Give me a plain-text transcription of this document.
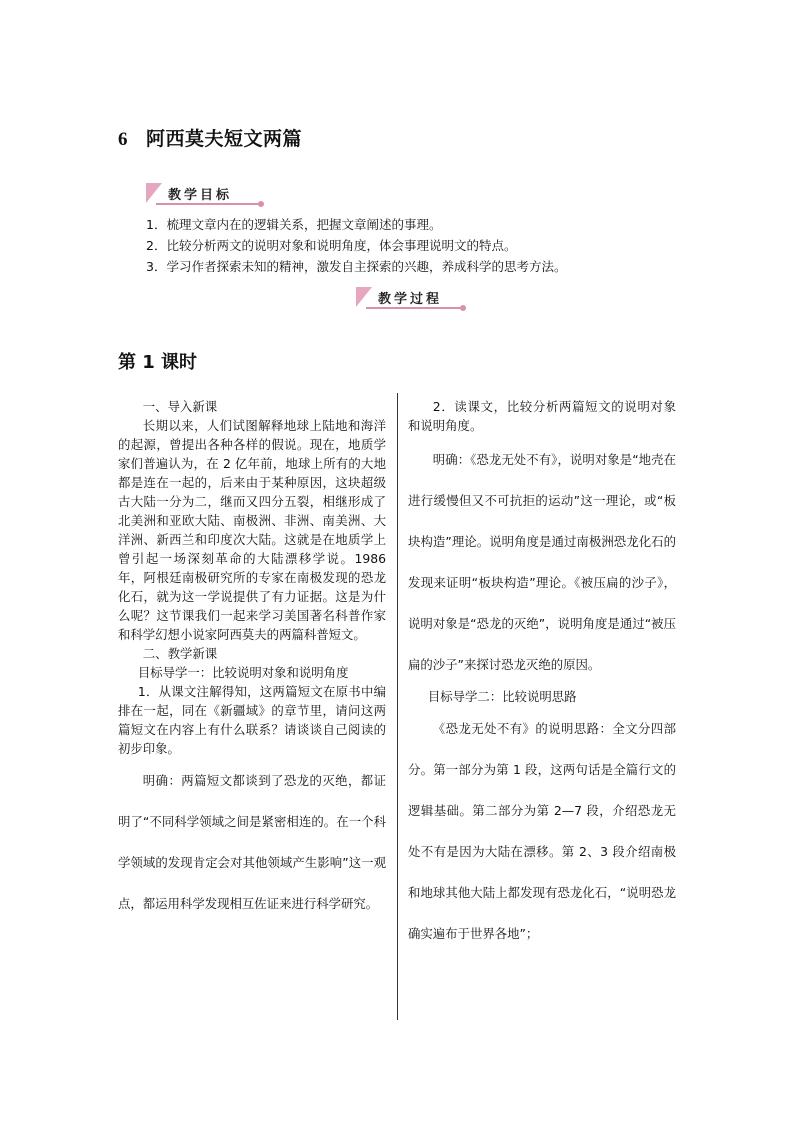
6 阿西莫夫短文两篇
教学目标
1．梳理文章内在的逻辑关系，把握文章阐述的事理。
2．比较分析两文的说明对象和说明角度，体会事理说明文的特点。
3．学习作者探索未知的精神，激发自主探索的兴趣，养成科学的思考方法。
教学过程
第 1 课时

一、导入新课

长期以来，人们试图解释地球上陆地和海洋的起源，曾提出各种各样的假说。现在，地质学家们普遍认为，在 2 亿年前，地球上所有的大地都是连在一起的，后来由于某种原因，这块超级古大陆一分为二，继而又四分五裂，相继形成了北美洲和亚欧大陆、南极洲、非洲、南美洲、大洋洲、新西兰和印度次大陆。这就是在地质学上曾引起一场深刻革命的大陆漂移学说。1986 年，阿根廷南极研究所的专家在南极发现的恐龙化石，就为这一学说提供了有力证据。这是为什么呢？这节课我们一起来学习美国著名科普作家和科学幻想小说家阿西莫夫的两篇科普短文。

二、教学新课

目标导学一：比较说明对象和说明角度

1．从课文注解得知，这两篇短文在原书中编排在一起，同在《新疆域》的章节里，请问这两篇短文在内容上有什么联系？请谈谈自己阅读的初步印象。

明确：两篇短文都谈到了恐龙的灭绝，都证明了“不同科学领域之间是紧密相连的。在一个科学领域的发现肯定会对其他领域产生影响”这一观点，都运用科学发现相互佐证来进行科学研究。

2．读课文，比较分析两篇短文的说明对象和说明角度。

明确：《恐龙无处不有》，说明对象是“地壳在进行缓慢但又不可抗拒的运动”这一理论，或“板块构造”理论。说明角度是通过南极洲恐龙化石的发现来证明“板块构造”理论。《被压扁的沙子》，说明对象是“恐龙的灭绝”，说明角度是通过“被压扁的沙子”来探讨恐龙灭绝的原因。

目标导学二：比较说明思路

《恐龙无处不有》的说明思路：全文分四部分。第一部分为第 1 段，这两句话是全篇行文的逻辑基础。第二部分为第 2—7 段，介绍恐龙无处不有是因为大陆在漂移。第 2、3 段介绍南极和地球其他大陆上都发现有恐龙化石，“说明恐龙确实遍布于世界各地”；
